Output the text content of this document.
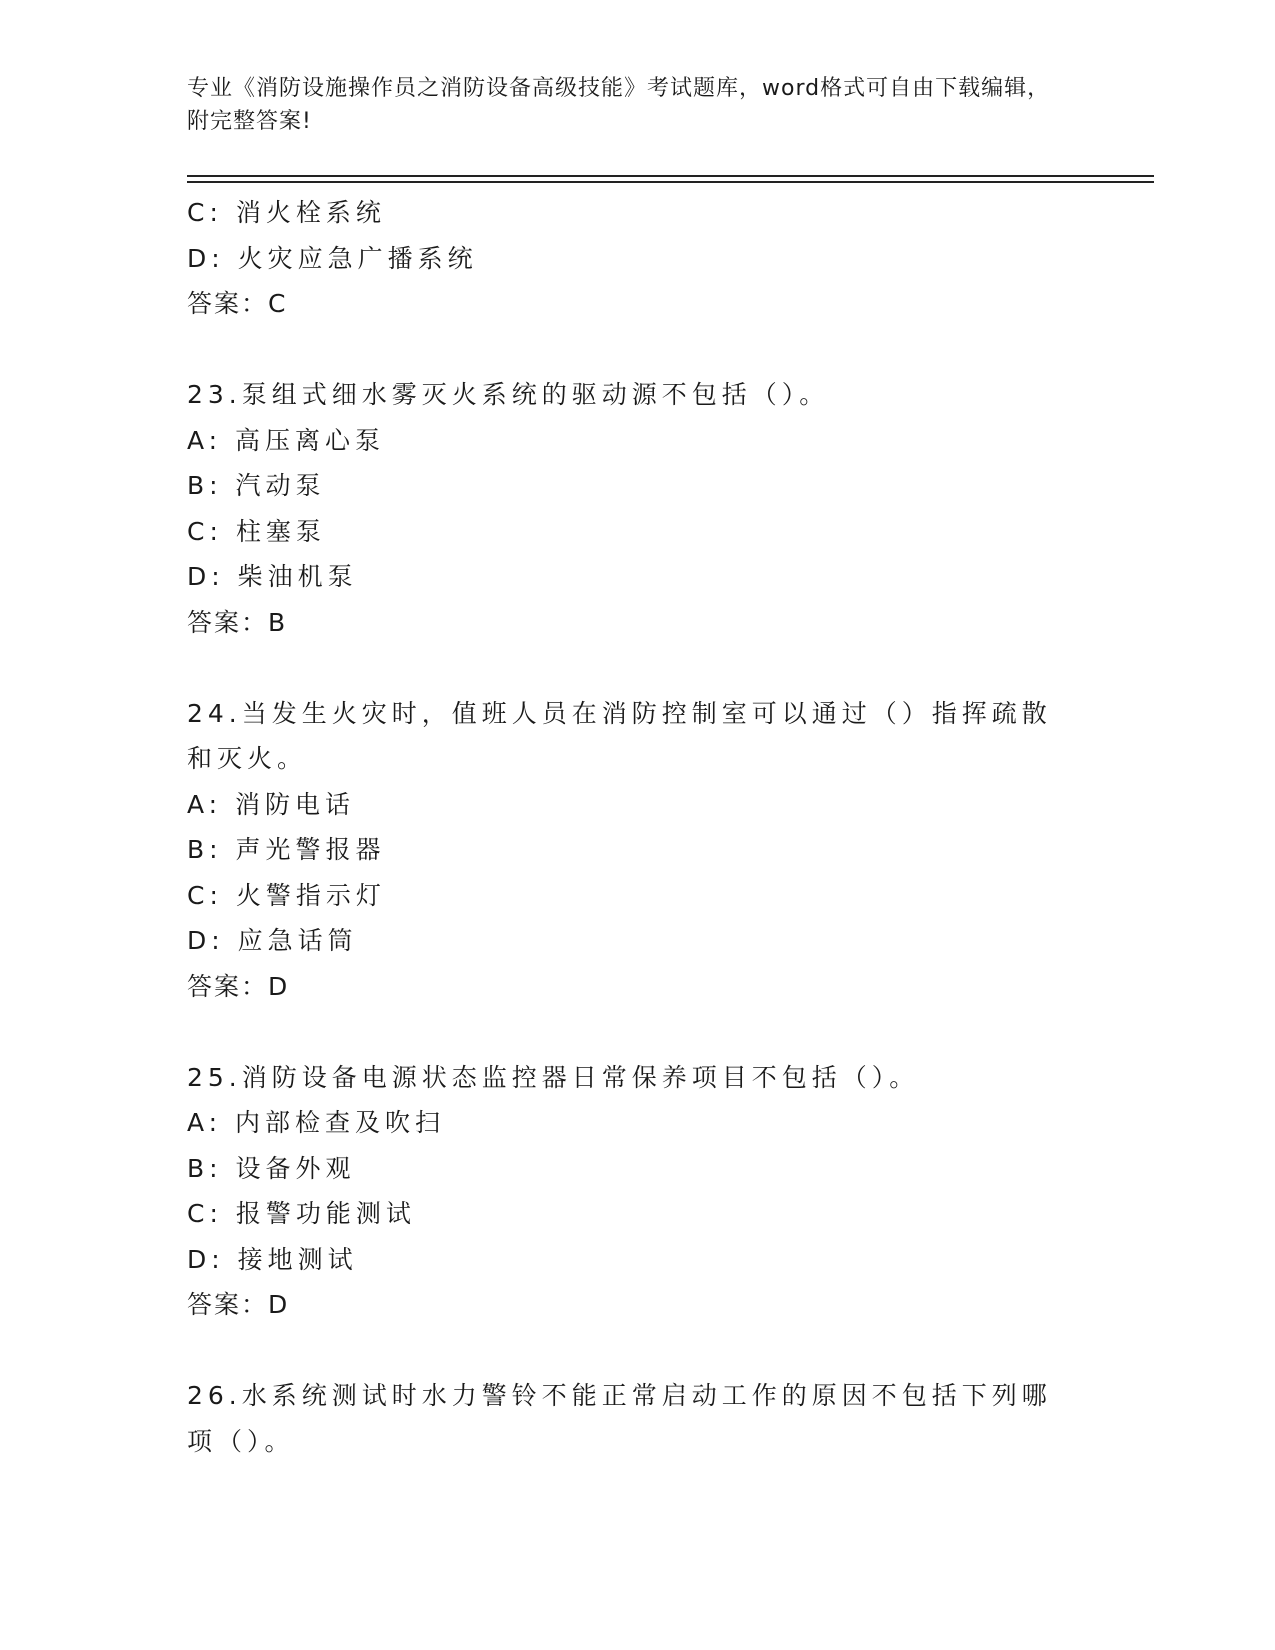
专业《消防设施操作员之消防设备高级技能》考试题库，word格式可自由下载编辑，附完整答案!
C: 消火栓系统
D: 火灾应急广播系统
答案：C
23.泵组式细水雾灭火系统的驱动源不包括（）。
A: 高压离心泵
B: 汽动泵
C: 柱塞泵
D: 柴油机泵
答案：B
24.当发生火灾时，值班人员在消防控制室可以通过（）指挥疏散和灭火。
A: 消防电话
B: 声光警报器
C: 火警指示灯
D: 应急话筒
答案：D
25.消防设备电源状态监控器日常保养项目不包括（）。
A: 内部检查及吹扫
B: 设备外观
C: 报警功能测试
D: 接地测试
答案：D
26.水系统测试时水力警铃不能正常启动工作的原因不包括下列哪项（）。
